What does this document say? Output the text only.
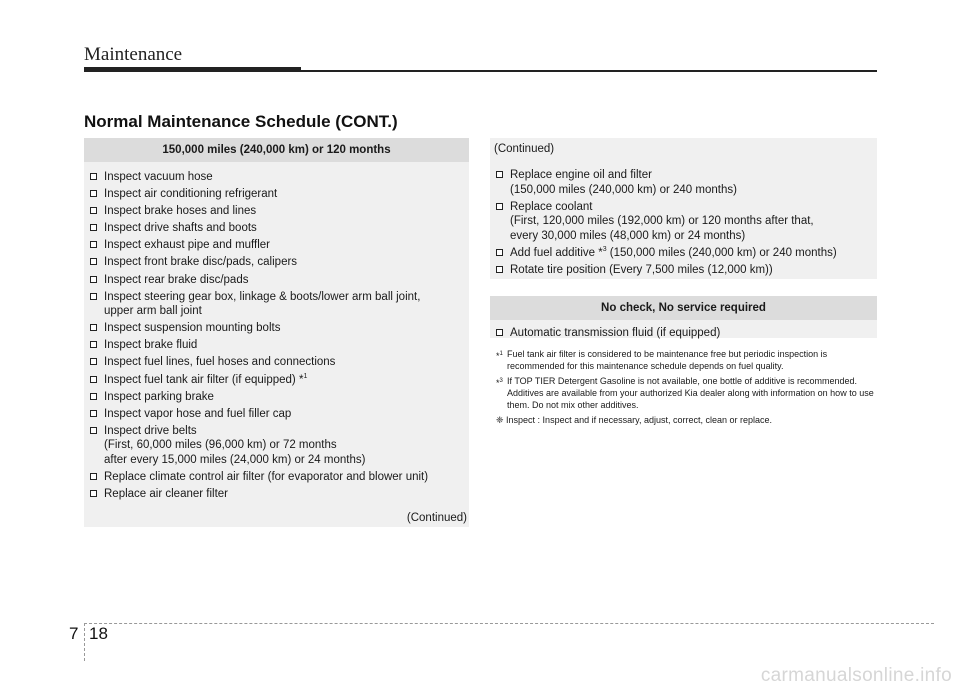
Maintenance
Normal Maintenance Schedule (CONT.)
150,000 miles (240,000 km) or 120 months
Inspect vacuum hose
Inspect air conditioning refrigerant
Inspect brake hoses and lines
Inspect drive shafts and boots
Inspect exhaust pipe and muffler
Inspect front brake disc/pads, calipers
Inspect rear brake disc/pads
Inspect steering gear box, linkage & boots/lower arm ball joint,
upper arm ball joint
Inspect suspension mounting bolts
Inspect brake fluid
Inspect fuel lines, fuel hoses and connections
Inspect fuel tank air filter (if equipped) *$^1$
Inspect parking brake
Inspect vapor hose and fuel filler cap
Inspect drive belts
(First, 60,000 miles (96,000 km) or 72 months
after every 15,000 miles (24,000 km) or 24 months)
Replace climate control air filter (for evaporator and blower unit)
Replace air cleaner filter
(Continued)
(Continued)
Replace engine oil and filter
(150,000 miles (240,000 km) or 240 months)
Replace coolant
(First, 120,000 miles (192,000 km) or 120 months after that,
every 30,000 miles (48,000 km) or 24 months)
Add fuel additive *$^3$ (150,000 miles (240,000 km) or 240 months)
Rotate tire position (Every 7,500 miles (12,000 km))
No check, No service required
Automatic transmission fluid (if equipped)
*$^1$ Fuel tank air filter is considered to be maintenance free but periodic inspection is recommended for this maintenance schedule depends on fuel quality.
*$^3$ If TOP TIER Detergent Gasoline is not available, one bottle of additive is recommended. Additives are available from your authorized Kia dealer along with information on how to use them. Do not mix other additives.
❈ Inspect : Inspect and if necessary, adjust, correct, clean or replace.
7 18
carmanualsonline.info
